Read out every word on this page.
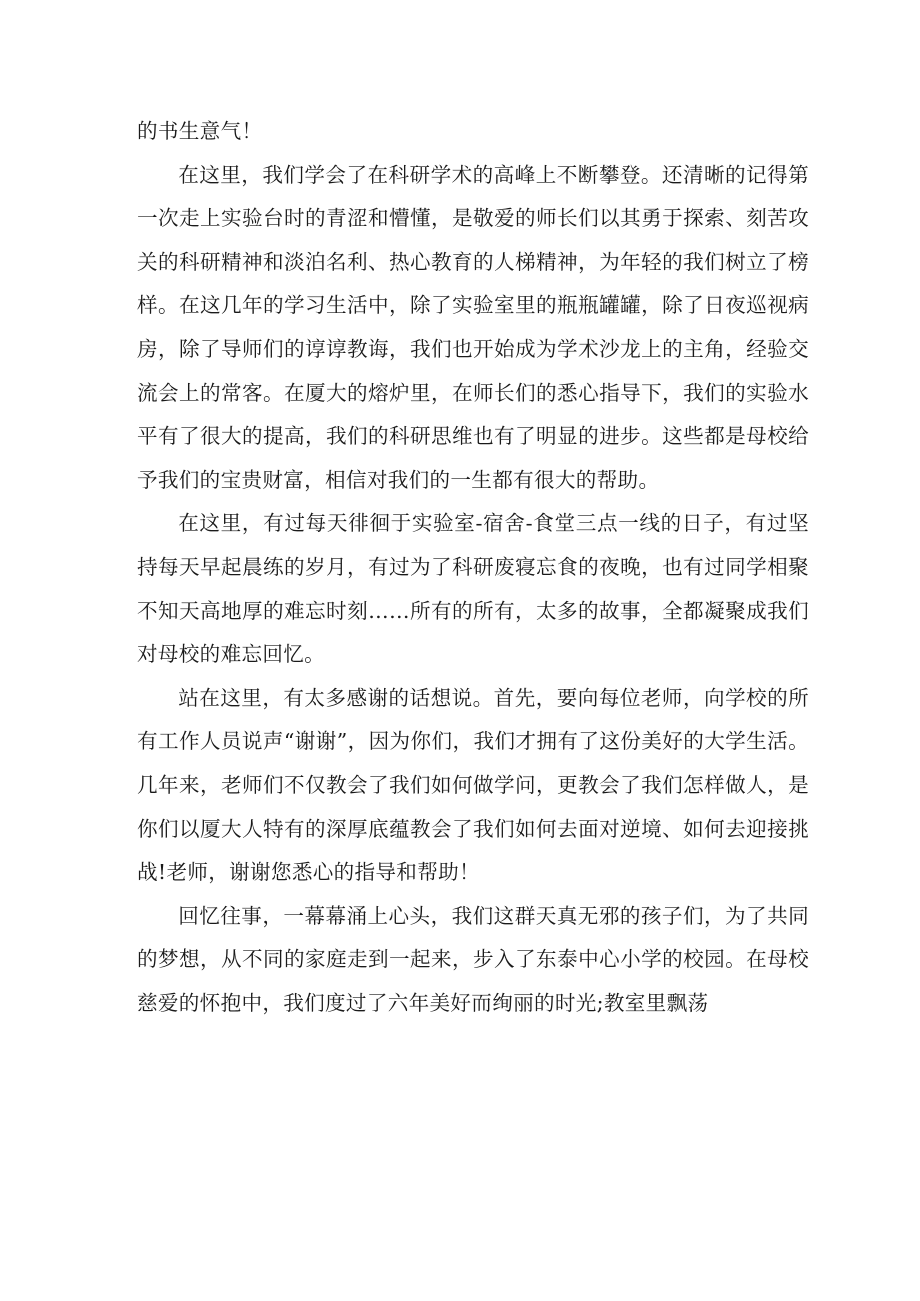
的书生意气！

在这里，我们学会了在科研学术的高峰上不断攀登。还清晰的记得第一次走上实验台时的青涩和懵懂，是敬爱的师长们以其勇于探索、刻苦攻关的科研精神和淡泊名利、热心教育的人梯精神，为年轻的我们树立了榜样。在这几年的学习生活中，除了实验室里的瓶瓶罐罐，除了日夜巡视病房，除了导师们的谆谆教诲，我们也开始成为学术沙龙上的主角，经验交流会上的常客。在厦大的熔炉里，在师长们的悉心指导下，我们的实验水平有了很大的提高，我们的科研思维也有了明显的进步。这些都是母校给予我们的宝贵财富，相信对我们的一生都有很大的帮助。

在这里，有过每天徘徊于实验室-宿舍-食堂三点一线的日子，有过坚持每天早起晨练的岁月，有过为了科研废寝忘食的夜晚，也有过同学相聚不知天高地厚的难忘时刻……所有的所有，太多的故事，全都凝聚成我们对母校的难忘回忆。

站在这里，有太多感谢的话想说。首先，要向每位老师，向学校的所有工作人员说声“谢谢”，因为你们，我们才拥有了这份美好的大学生活。几年来，老师们不仅教会了我们如何做学问，更教会了我们怎样做人，是你们以厦大人特有的深厚底蕴教会了我们如何去面对逆境、如何去迎接挑战!老师，谢谢您悉心的指导和帮助！

回忆往事，一幕幕涌上心头，我们这群天真无邪的孩子们，为了共同的梦想，从不同的家庭走到一起来，步入了东泰中心小学的校园。在母校慈爱的怀抱中，我们度过了六年美好而绚丽的时光;教室里飘荡
